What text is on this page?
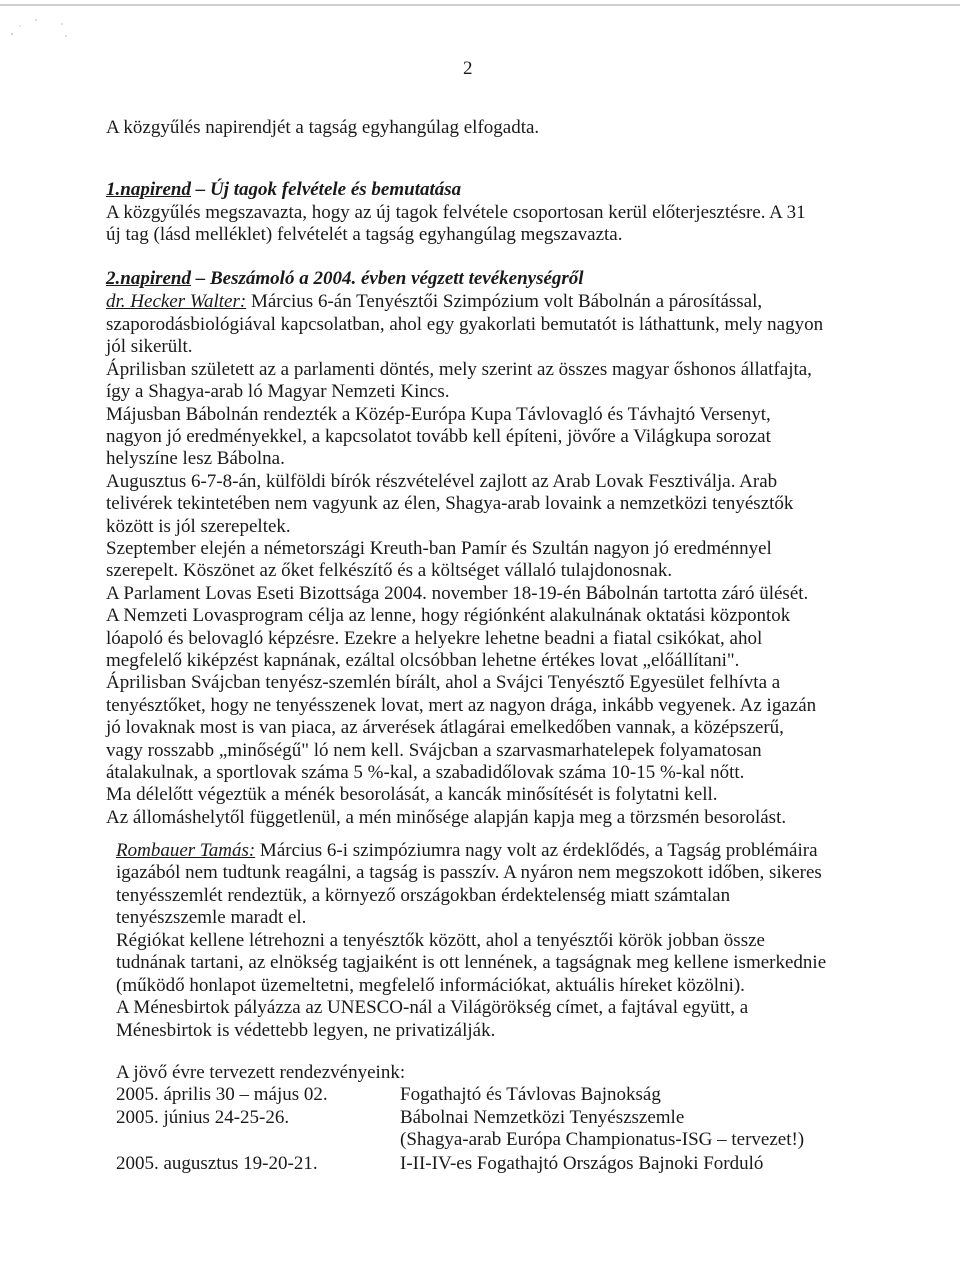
2
A közgyűlés napirendjét a tagság egyhangúlag elfogadta.
1.napirend – Új tagok felvétele és bemutatása
A közgyűlés megszavazta, hogy az új tagok felvétele csoportosan kerül előterjesztésre. A 31
új tag (lásd melléklet) felvételét a tagság egyhangúlag megszavazta.
2.napirend – Beszámoló a 2004. évben végzett tevékenységről
dr. Hecker Walter: Március 6-án Tenyésztői Szimpózium volt Bábolnán a párosítással,
szaporodásbiológiával kapcsolatban, ahol egy gyakorlati bemutatót is láthattunk, mely nagyon
jól sikerült.
Áprilisban született az a parlamenti döntés, mely szerint az összes magyar őshonos állatfajta,
így a Shagya-arab ló Magyar Nemzeti Kincs.
Májusban Bábolnán rendezték a Közép-Európa Kupa Távlovagló és Távhajtó Versenyt,
nagyon jó eredményekkel, a kapcsolatot tovább kell építeni, jövőre a Világkupa sorozat
helyszíne lesz Bábolna.
Augusztus 6-7-8-án, külföldi bírók részvételével zajlott az Arab Lovak Fesztiválja. Arab
telivérek tekintetében nem vagyunk az élen, Shagya-arab lovaink a nemzetközi tenyésztők
között is jól szerepeltek.
Szeptember elején a németországi Kreuth-ban Pamír és Szultán nagyon jó eredménnyel
szerepelt. Köszönet az őket felkészítő és a költséget vállaló tulajdonosnak.
A Parlament Lovas Eseti Bizottsága 2004. november 18-19-én Bábolnán tartotta záró ülését.
A Nemzeti Lovasprogram célja az lenne, hogy régiónként alakulnának oktatási központok
lóapoló és belovagló képzésre. Ezekre a helyekre lehetne beadni a fiatal csikókat, ahol
megfelelő kiképzést kapnának, ezáltal olcsóbban lehetne értékes lovat „előállítani".
Áprilisban Svájcban tenyész-szemlén bírált, ahol a Svájci Tenyésztő Egyesület felhívta a
tenyésztőket, hogy ne tenyésszenek lovat, mert az nagyon drága, inkább vegyenek. Az igazán
jó lovaknak most is van piaca, az árverések átlagárai emelkedőben vannak, a középszerű,
vagy rosszabb „minőségű" ló nem kell. Svájcban a szarvasmarhatelepek folyamatosan
átalakulnak, a sportlovak száma 5 %-kal, a szabadidőlovak száma 10-15 %-kal nőtt.
Ma délelőtt végeztük a ménék besorolását, a kancák minősítését is folytatni kell.
Az állomáshelytől függetlenül, a mén minősége alapján kapja meg a törzsmén besorolást.
Rombauer Tamás: Március 6-i szimpóziumra nagy volt az érdeklődés, a Tagság problémáira
igazából nem tudtunk reagálni, a tagság is passzív. A nyáron nem megszokott időben, sikeres
tenyésszemlét rendeztük, a környező országokban érdektelenség miatt számtalan
tenyészszemle maradt el.
Régiókat kellene létrehozni a tenyésztők között, ahol a tenyésztői körök jobban össze
tudnának tartani, az elnökség tagjaiként is ott lennének, a tagságnak meg kellene ismerkednie
(működő honlapot üzemeltetni, megfelelő információkat, aktuális híreket közölni).
A Ménesbirtok pályázza az UNESCO-nál a Világörökség címet, a fajtával együtt, a
Ménesbirtok is védettebb legyen, ne privatizálják.
A jövő évre tervezett rendezvényeink:
2005. április 30 – május 02.	Fogathajtó és Távlovas Bajnokság
2005. június 24-25-26.	Bábolnai Nemzetközi Tenyészszemle
(Shagya-arab Európa Championatus-ISG – tervezet!)
2005. augusztus 19-20-21.	I-II-IV-es Fogathajtó Országos Bajnoki Forduló
